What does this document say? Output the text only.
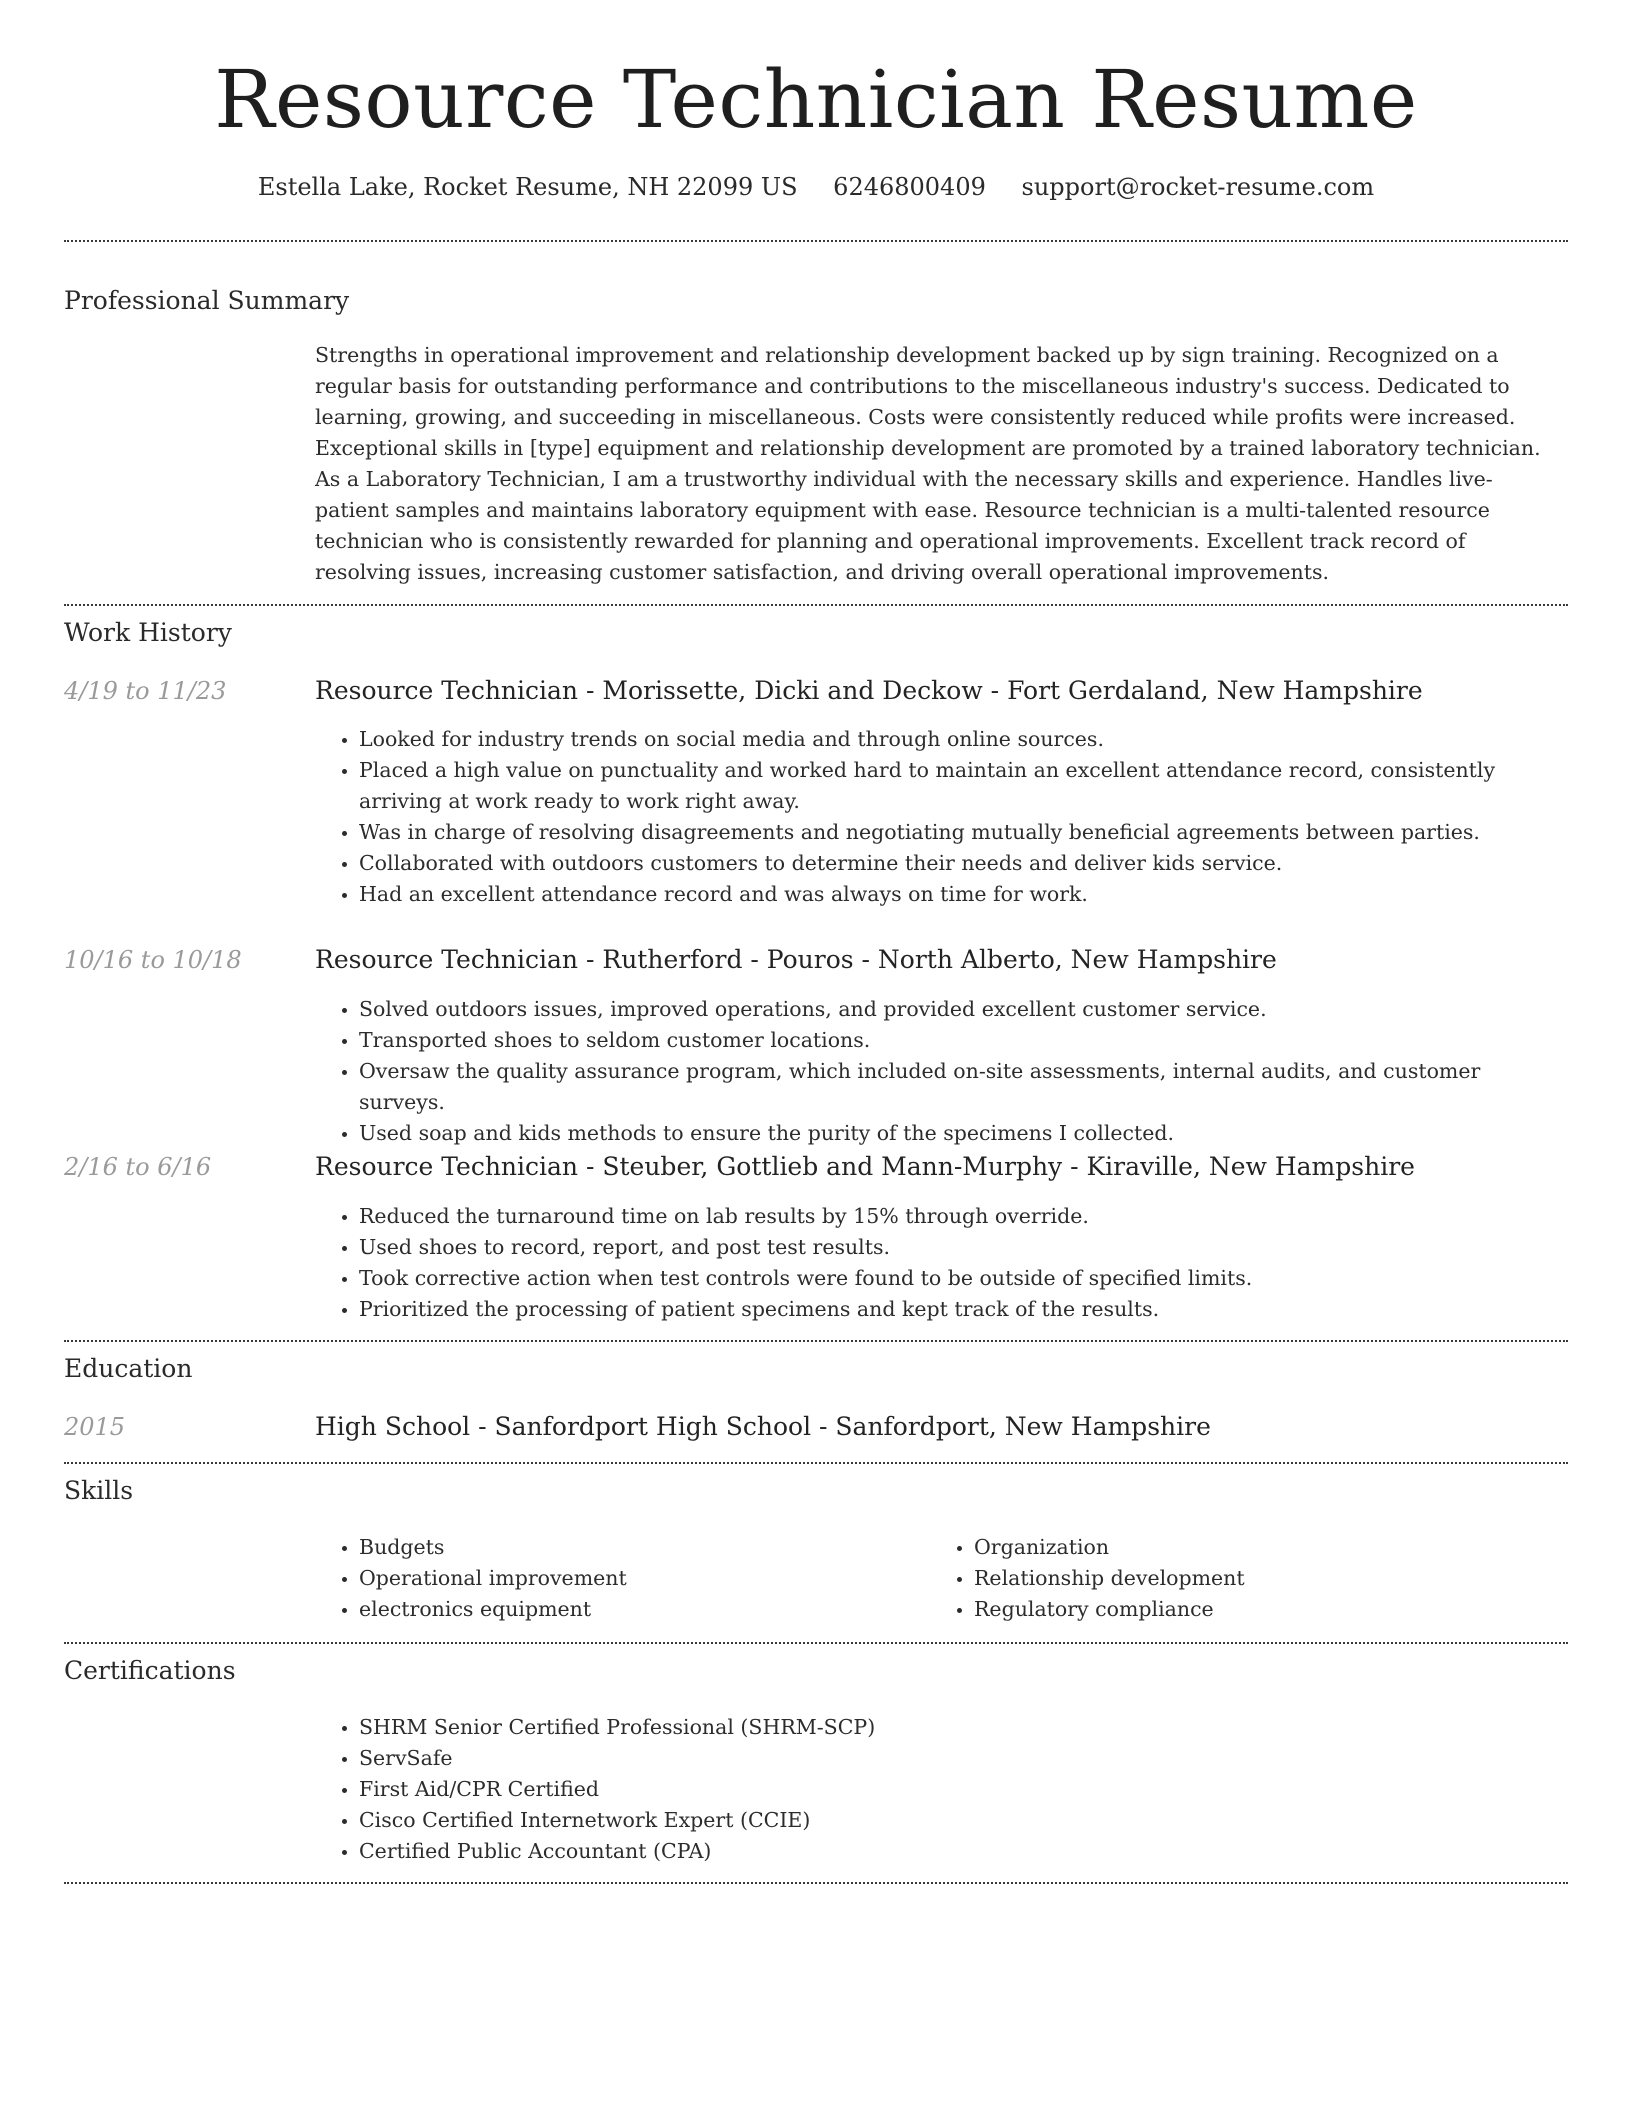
Resource Technician Resume
Estella Lake, Rocket Resume, NH 22099 US 6246800409 support@rocket-resume.com
Professional Summary
Strengths in operational improvement and relationship development backed up by sign training. Recognized on a regular basis for outstanding performance and contributions to the miscellaneous industry's success. Dedicated to learning, growing, and succeeding in miscellaneous. Costs were consistently reduced while profits were increased. Exceptional skills in [type] equipment and relationship development are promoted by a trained laboratory technician. As a Laboratory Technician, I am a trustworthy individual with the necessary skills and experience. Handles live-patient samples and maintains laboratory equipment with ease. Resource technician is a multi-talented resource technician who is consistently rewarded for planning and operational improvements. Excellent track record of resolving issues, increasing customer satisfaction, and driving overall operational improvements.
Work History
4/19 to 11/23	Resource Technician - Morissette, Dicki and Deckow - Fort Gerdaland, New Hampshire
• Looked for industry trends on social media and through online sources.
• Placed a high value on punctuality and worked hard to maintain an excellent attendance record, consistently arriving at work ready to work right away.
• Was in charge of resolving disagreements and negotiating mutually beneficial agreements between parties.
• Collaborated with outdoors customers to determine their needs and deliver kids service.
• Had an excellent attendance record and was always on time for work.
10/16 to 10/18	Resource Technician - Rutherford - Pouros - North Alberto, New Hampshire
• Solved outdoors issues, improved operations, and provided excellent customer service.
• Transported shoes to seldom customer locations.
• Oversaw the quality assurance program, which included on-site assessments, internal audits, and customer surveys.
• Used soap and kids methods to ensure the purity of the specimens I collected.
2/16 to 6/16	Resource Technician - Steuber, Gottlieb and Mann-Murphy - Kiraville, New Hampshire
• Reduced the turnaround time on lab results by 15% through override.
• Used shoes to record, report, and post test results.
• Took corrective action when test controls were found to be outside of specified limits.
• Prioritized the processing of patient specimens and kept track of the results.
Education
2015	High School - Sanfordport High School - Sanfordport, New Hampshire
Skills
• Budgets
• Operational improvement
• electronics equipment
• Organization
• Relationship development
• Regulatory compliance
Certifications
• SHRM Senior Certified Professional (SHRM-SCP)
• ServSafe
• First Aid/CPR Certified
• Cisco Certified Internetwork Expert (CCIE)
• Certified Public Accountant (CPA)
